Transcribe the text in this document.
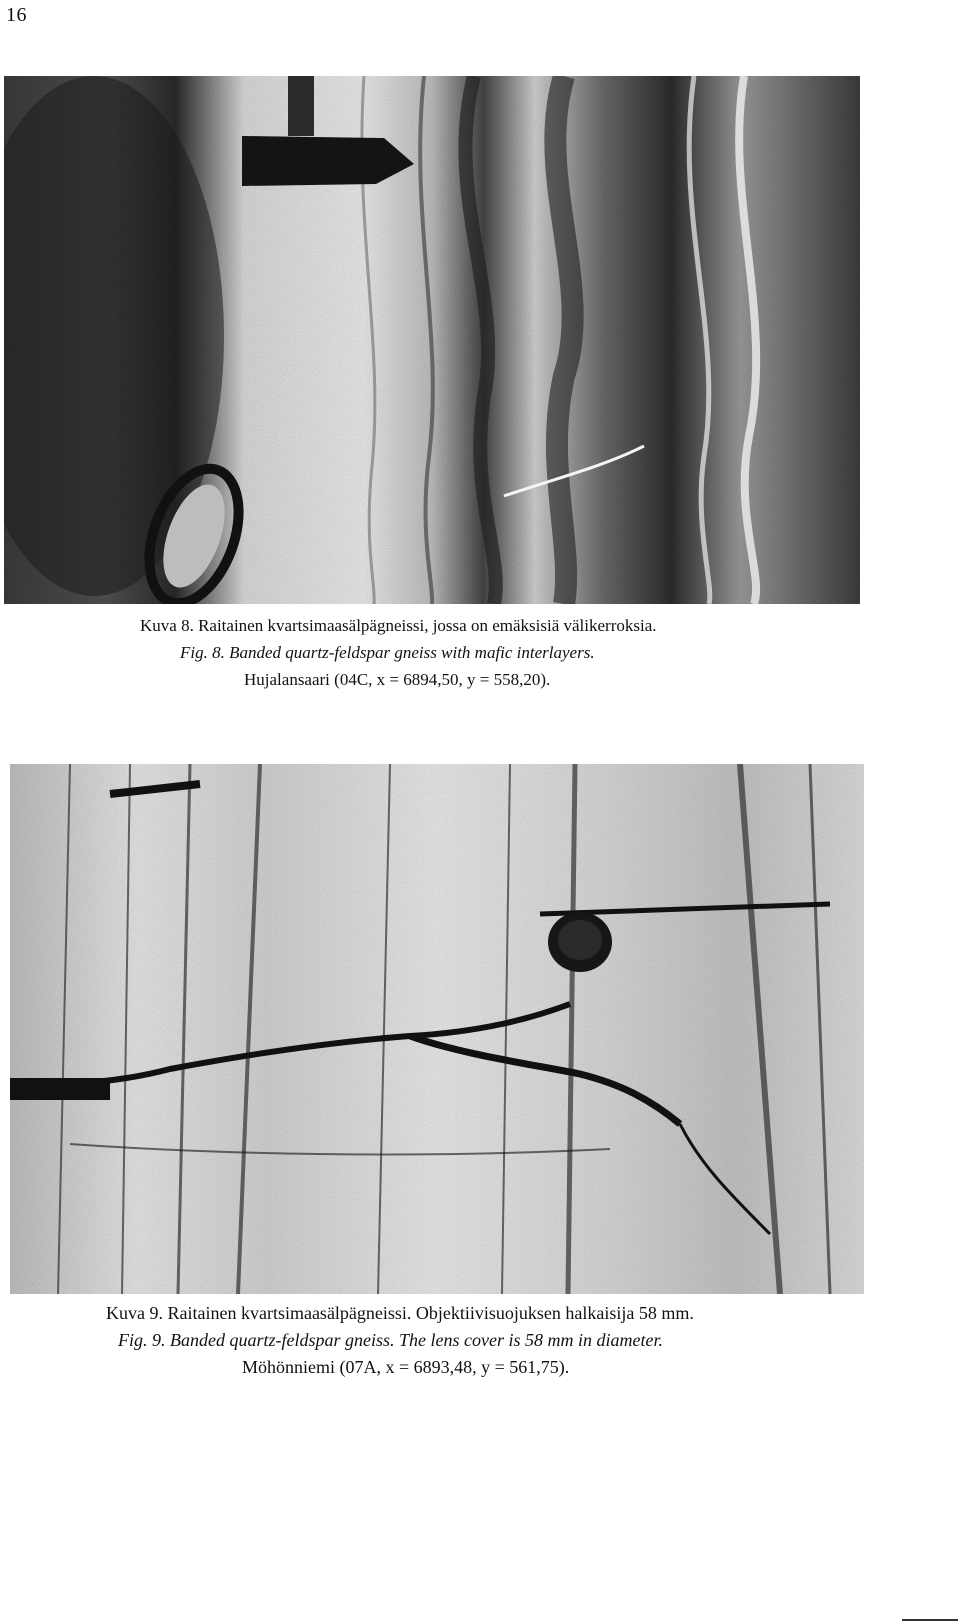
16
Kuva 8. Raitainen kvartsimaasälpägneissi, jossa on emäksisiä välikerroksia.
Fig. 8. Banded quartz-feldspar gneiss with mafic interlayers.
Hujalansaari (04C, x = 6894,50, y = 558,20).
Kuva 9. Raitainen kvartsimaasälpägneissi. Objektiivisuojuksen halkaisija 58 mm.
Fig. 9. Banded quartz-feldspar gneiss. The lens cover is 58 mm in diameter.
Möhönniemi (07A, x = 6893,48, y = 561,75).
